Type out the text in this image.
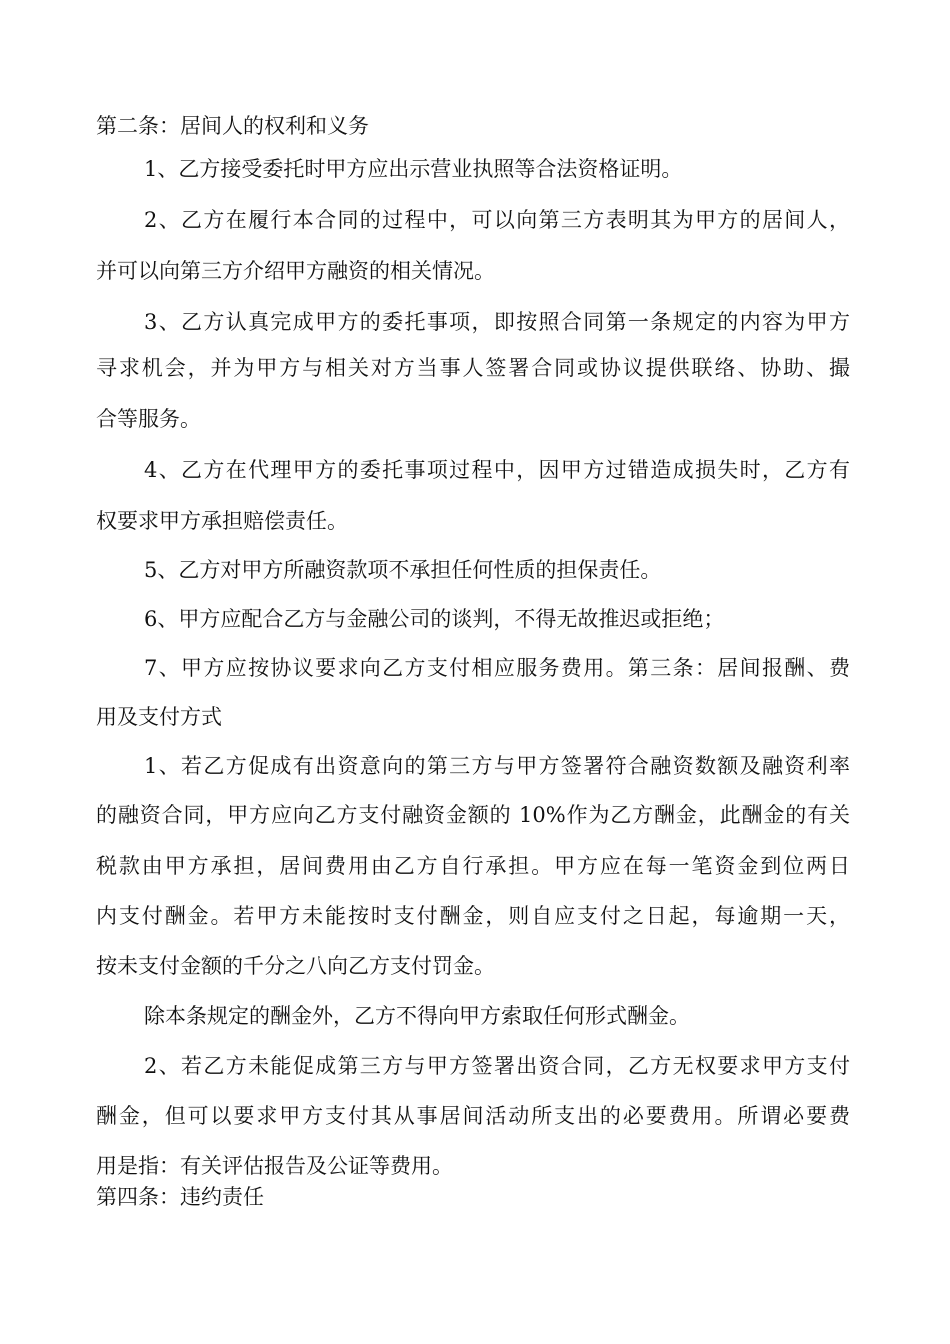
第二条：居间人的权利和义务
1、乙方接受委托时甲方应出示营业执照等合法资格证明。
2、乙方在履行本合同的过程中，可以向第三方表明其为甲方的居间人，
并可以向第三方介绍甲方融资的相关情况。
3、乙方认真完成甲方的委托事项，即按照合同第一条规定的内容为甲方
寻求机会，并为甲方与相关对方当事人签署合同或协议提供联络、协助、撮
合等服务。
4、乙方在代理甲方的委托事项过程中，因甲方过错造成损失时，乙方有
权要求甲方承担赔偿责任。
5、乙方对甲方所融资款项不承担任何性质的担保责任。
6、甲方应配合乙方与金融公司的谈判，不得无故推迟或拒绝；
7、甲方应按协议要求向乙方支付相应服务费用。第三条：居间报酬、费
用及支付方式
1、若乙方促成有出资意向的第三方与甲方签署符合融资数额及融资利率
的融资合同，甲方应向乙方支付融资金额的 10%作为乙方酬金，此酬金的有关
税款由甲方承担，居间费用由乙方自行承担。甲方应在每一笔资金到位两日
内支付酬金。若甲方未能按时支付酬金，则自应支付之日起，每逾期一天，
按未支付金额的千分之八向乙方支付罚金。
除本条规定的酬金外，乙方不得向甲方索取任何形式酬金。
2、若乙方未能促成第三方与甲方签署出资合同，乙方无权要求甲方支付
酬金，但可以要求甲方支付其从事居间活动所支出的必要费用。所谓必要费
用是指：有关评估报告及公证等费用。
第四条：违约责任
